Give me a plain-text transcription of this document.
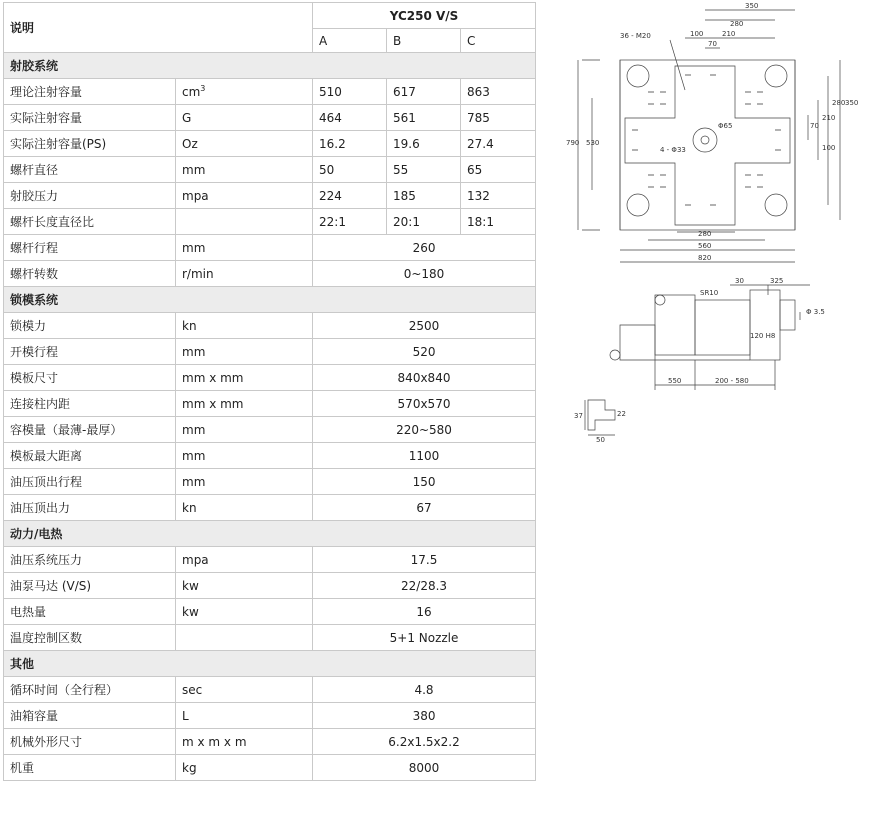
说明		YC250 V/S		
		A	B	C
射胶系统				
理论注射容量	$cm^3$	510	617	863
实际注射容量	G	464	561	785
实际注射容量(PS)	Oz	16.2	19.6	27.4
螺杆直径	mm	50	55	65
射胶压力	mpa	224	185	132
螺杆长度直径比		22:1	20:1	18:1
螺杆行程	mm	260		
螺杆转数	r/min	0~180		
锁模系统				
锁模力	kn	2500		
开模行程	mm	520		
模板尺寸	mm x mm	840x840		
连接柱内距	mm x mm	570x570		
容模量（最薄-最厚）	mm	220~580		
模板最大距离	mm	1100		
油压顶出行程	mm	150		
油压顶出力	kn	67		
动力/电热				
油压系统压力	mpa	17.5		
油泵马达 (V/S)	kw	22/28.3		
电热量	kw	16		
温度控制区数		5+1 Nozzle		
其他				
循环时间（全行程）	sec	4.8		
油箱容量	L	380		
机械外形尺寸	m x m x m	6.2x1.5x2.2		
机重	kg	8000		
350
280
100	210
70
350
280
210
70
100
790 530
280
560
820
36 - M20
Φ65
4 - Φ33
30	325
SR10
Φ 3.5
120 H8
550	200 - 580
37	22
50
